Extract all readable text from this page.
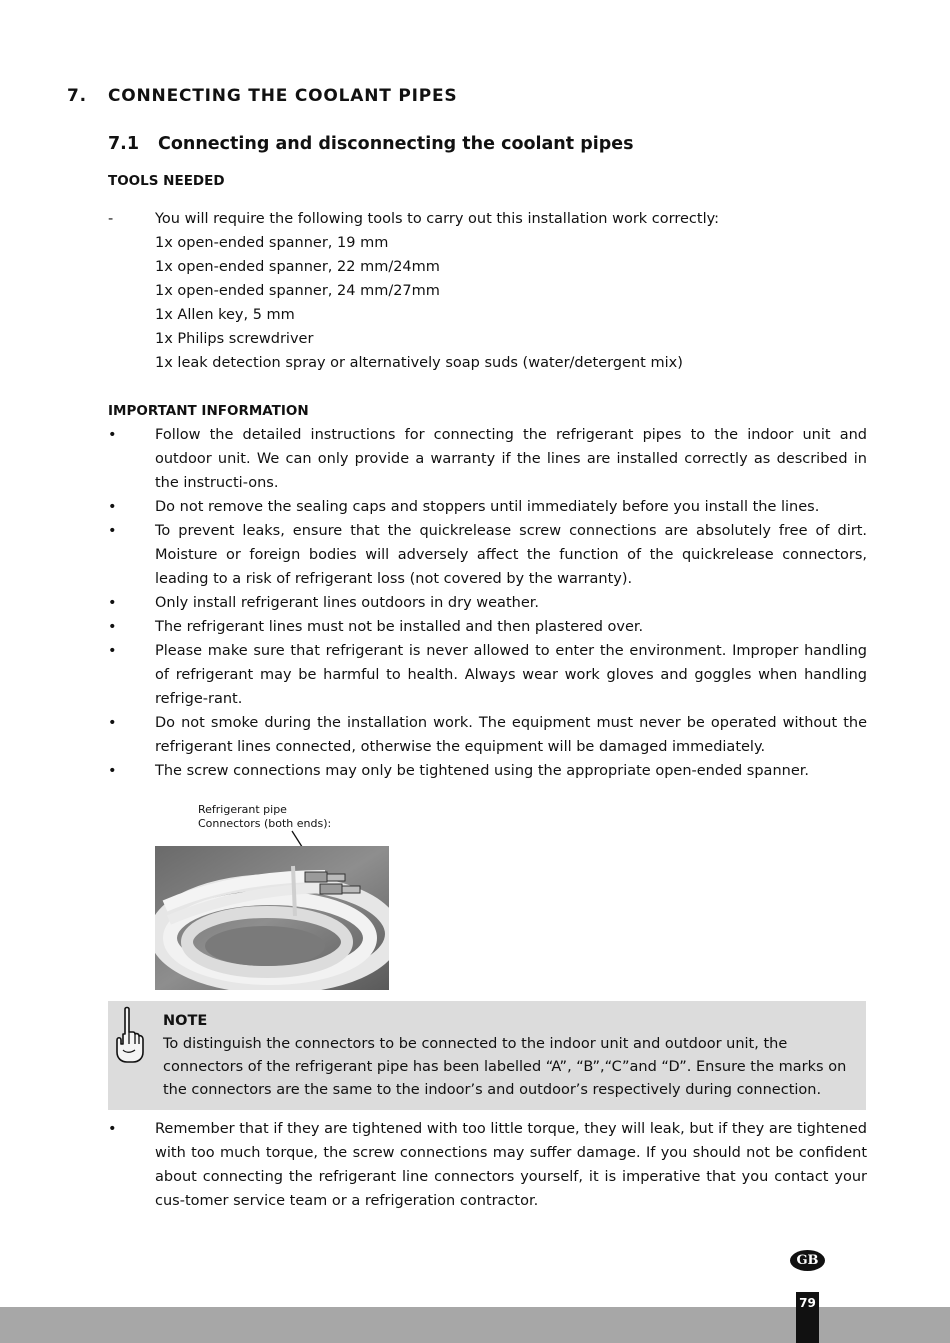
7. CONNECTING THE COOLANT PIPES
7.1 Connecting and disconnecting the coolant pipes
TOOLS NEEDED
-	You will require the following tools to carry out this installation work correctly:
1x open-ended spanner, 19 mm
1x open-ended spanner, 22 mm/24mm
1x open-ended spanner, 24 mm/27mm
1x Allen key, 5 mm
1x Philips screwdriver
1x leak detection spray or alternatively soap suds (water/detergent mix)
IMPORTANT INFORMATION
•	Follow the detailed instructions for connecting the refrigerant pipes to the indoor unit and outdoor unit. We can only provide a warranty if the lines are installed correctly as described in the instructi-ons.
•	Do not remove the sealing caps and stoppers until immediately before you install the lines.
•	To prevent leaks, ensure that the quickrelease screw connections are absolutely free of dirt. Moisture or foreign bodies will adversely affect the function of the quickrelease connectors, leading to a risk of refrigerant loss (not covered by the warranty).
•	Only install refrigerant lines outdoors in dry weather.
•	The refrigerant lines must not be installed and then plastered over.
•	Please make sure that refrigerant is never allowed to enter the environment. Improper handling of refrigerant may be harmful to health. Always wear work gloves and goggles when handling refrige-rant.
•	Do not smoke during the installation work. The equipment must never be operated without the refrigerant lines connected, otherwise the equipment will be damaged immediately.
•	The screw connections may only be tightened using the appropriate open-ended spanner.
Refrigerant pipe
Connectors (both ends):
NOTE
To distinguish the connectors to be connected to the indoor unit and outdoor unit, the connectors of the refrigerant pipe has been labelled “A”, “B”,“C”and “D”. Ensure the marks on the connectors are the same to the indoor’s and outdoor’s respectively during connection.
•	Remember that if they are tightened with too little torque, they will leak, but if they are tightened with too much torque, the screw connections may suffer damage. If you should not be confident about connecting the refrigerant line connectors yourself, it is imperative that you contact your cus-tomer service team or a refrigeration contractor.
GB
79
